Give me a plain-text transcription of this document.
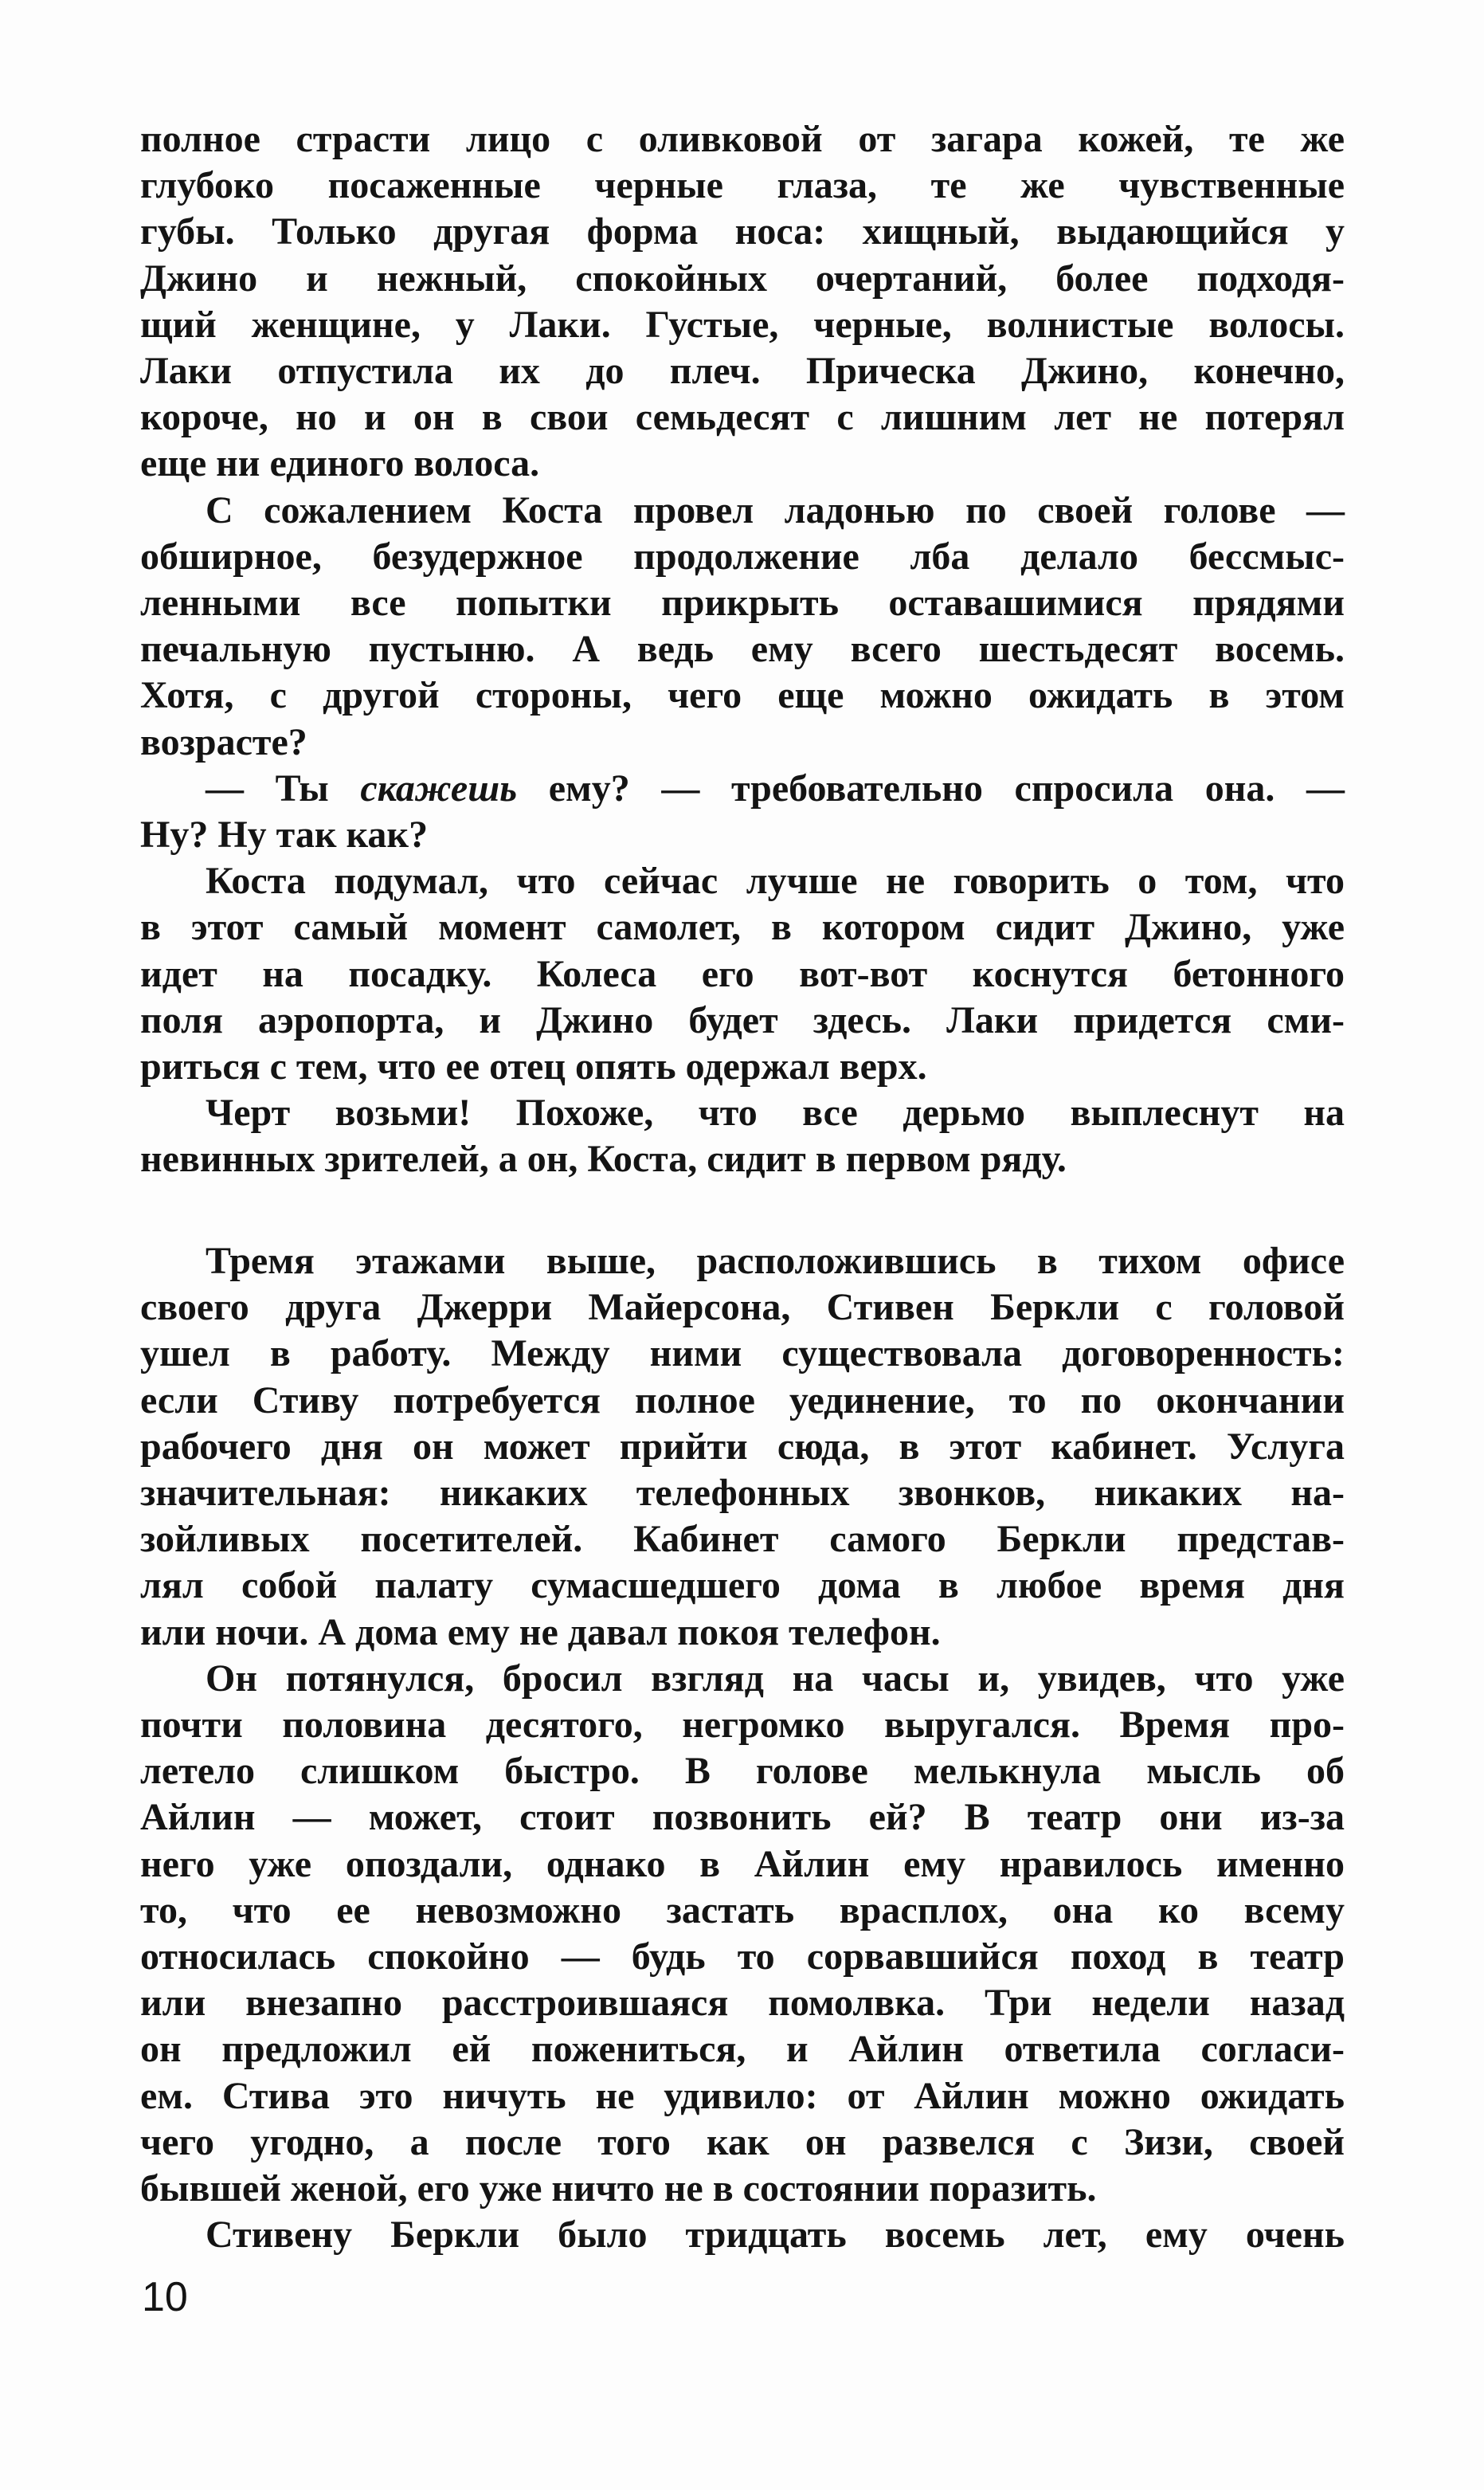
полное страсти лицо с оливковой от загара кожей, те же
глубоко посаженные черные глаза, те же чувственные
губы. Только другая форма носа: хищный, выдающийся у
Джино и нежный, спокойных очертаний, более подходя-
щий женщине, у Лаки. Густые, черные, волнистые волосы.
Лаки отпустила их до плеч. Прическа Джино, конечно,
короче, но и он в свои семьдесят с лишним лет не потерял
еще ни единого волоса.
С сожалением Коста провел ладонью по своей голове —
обширное, безудержное продолжение лба делало бессмыс-
ленными все попытки прикрыть оставашимися прядями
печальную пустыню. А ведь ему всего шестьдесят восемь.
Хотя, с другой стороны, чего еще можно ожидать в этом
возрасте?
— Ты скажешь ему? — требовательно спросила она. —
Ну? Ну так как?
Коста подумал, что сейчас лучше не говорить о том, что
в этот самый момент самолет, в котором сидит Джино, уже
идет на посадку. Колеса его вот-вот коснутся бетонного
поля аэропорта, и Джино будет здесь. Лаки придется сми-
риться с тем, что ее отец опять одержал верх.
Черт возьми! Похоже, что все дерьмо выплеснут на
невинных зрителей, а он, Коста, сидит в первом ряду.
Тремя этажами выше, расположившись в тихом офисе
своего друга Джерри Майерсона, Стивен Беркли с головой
ушел в работу. Между ними существовала договоренность:
если Стиву потребуется полное уединение, то по окончании
рабочего дня он может прийти сюда, в этот кабинет. Услуга
значительная: никаких телефонных звонков, никаких на-
зойливых посетителей. Кабинет самого Беркли представ-
лял собой палату сумасшедшего дома в любое время дня
или ночи. А дома ему не давал покоя телефон.
Он потянулся, бросил взгляд на часы и, увидев, что уже
почти половина десятого, негромко выругался. Время про-
летело слишком быстро. В голове мелькнула мысль об
Айлин — может, стоит позвонить ей? В театр они из-за
него уже опоздали, однако в Айлин ему нравилось именно
то, что ее невозможно застать врасплох, она ко всему
относилась спокойно — будь то сорвавшийся поход в театр
или внезапно расстроившаяся помолвка. Три недели назад
он предложил ей пожениться, и Айлин ответила согласи-
ем. Стива это ничуть не удивило: от Айлин можно ожидать
чего угодно, а после того как он развелся с Зизи, своей
бывшей женой, его уже ничто не в состоянии поразить.
Стивену Беркли было тридцать восемь лет, ему очень
10
